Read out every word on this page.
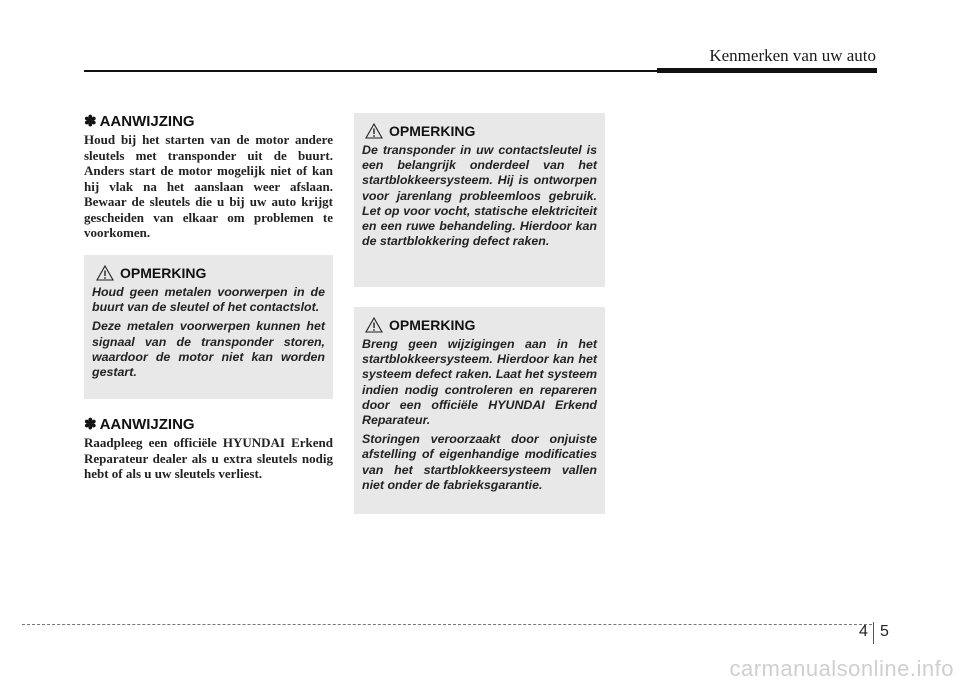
Kenmerken van uw auto
✽ AANWIJZING

Houd bij het starten van de motor andere sleutels met transponder uit de buurt. Anders start de motor mogelijk niet of kan hij vlak na het aanslaan weer afslaan. Bewaar de sleutels die u bij uw auto krijgt gescheiden van elkaar om problemen te voorkomen.

OPMERKING

Houd geen metalen voorwerpen in de buurt van de sleutel of het contactslot.

Deze metalen voorwerpen kunnen het signaal van de transponder storen, waardoor de motor niet kan worden gestart.

✽ AANWIJZING

Raadpleeg een officiële HYUNDAI Erkend Reparateur dealer als u extra sleutels nodig hebt of als u uw sleutels verliest.

OPMERKING

De transponder in uw contactsleutel is een belangrijk onderdeel van het startblokkeersysteem. Hij is ontworpen voor jarenlang probleemloos gebruik. Let op voor vocht, statische elektriciteit en een ruwe behandeling. Hierdoor kan de startblokkering defect raken.

OPMERKING

Breng geen wijzigingen aan in het startblokkeersysteem. Hierdoor kan het systeem defect raken. Laat het systeem indien nodig controleren en repareren door een officiële HYUNDAI Erkend Reparateur.

Storingen veroorzaakt door onjuiste afstelling of eigenhandige modificaties van het startblokkeersysteem vallen niet onder de fabrieksgarantie.

4 5
carmanualsonline.info
